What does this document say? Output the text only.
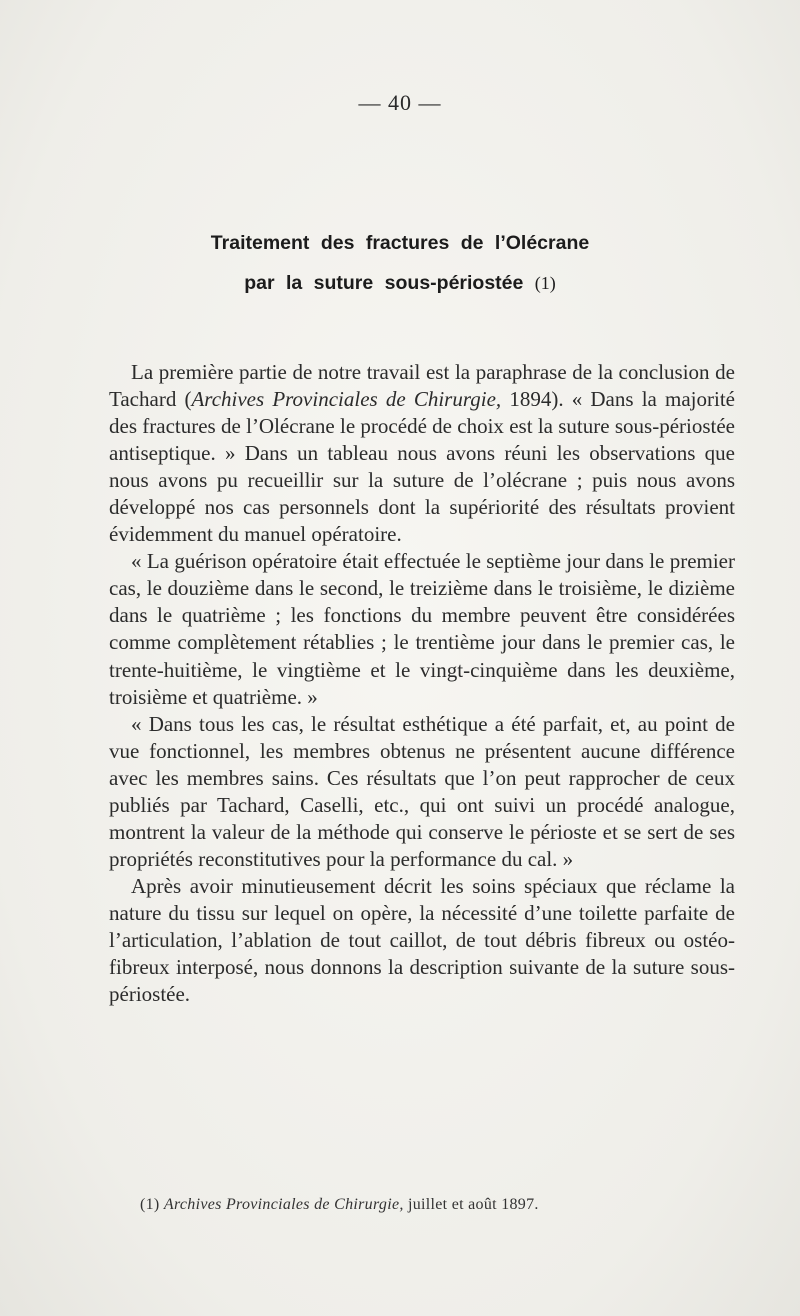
— 40 —
Traitement des fractures de l’Olécrane
par la suture sous-périostée (1)

La première partie de notre travail est la paraphrase de la conclusion de Tachard (Archives Provinciales de Chirurgie, 1894). « Dans la majorité des fractures de l’Olécrane le procédé de choix est la suture sous-périostée antiseptique. » Dans un tableau nous avons réuni les observations que nous avons pu recueillir sur la suture de l’olécrane ; puis nous avons développé nos cas personnels dont la supériorité des résultats provient évidemment du manuel opératoire.

« La guérison opératoire était effectuée le septième jour dans le premier cas, le douzième dans le second, le treizième dans le troisième, le dizième dans le quatrième ; les fonctions du membre peuvent être considérées comme complètement rétablies ; le trentième jour dans le premier cas, le trente-huitième, le vingtième et le vingt-cinquième dans les deuxième, troisième et quatrième. »

« Dans tous les cas, le résultat esthétique a été parfait, et, au point de vue fonctionnel, les membres obtenus ne présentent aucune différence avec les membres sains. Ces résultats que l’on peut rapprocher de ceux publiés par Tachard, Caselli, etc., qui ont suivi un procédé analogue, montrent la valeur de la méthode qui conserve le périoste et se sert de ses propriétés reconstitutives pour la performance du cal. »

Après avoir minutieusement décrit les soins spéciaux que réclame la nature du tissu sur lequel on opère, la nécessité d’une toilette parfaite de l’articulation, l’ablation de tout caillot, de tout débris fibreux ou ostéo-fibreux interposé, nous donnons la description suivante de la suture sous-périostée.

(1) Archives Provinciales de Chirurgie, juillet et août 1897.
